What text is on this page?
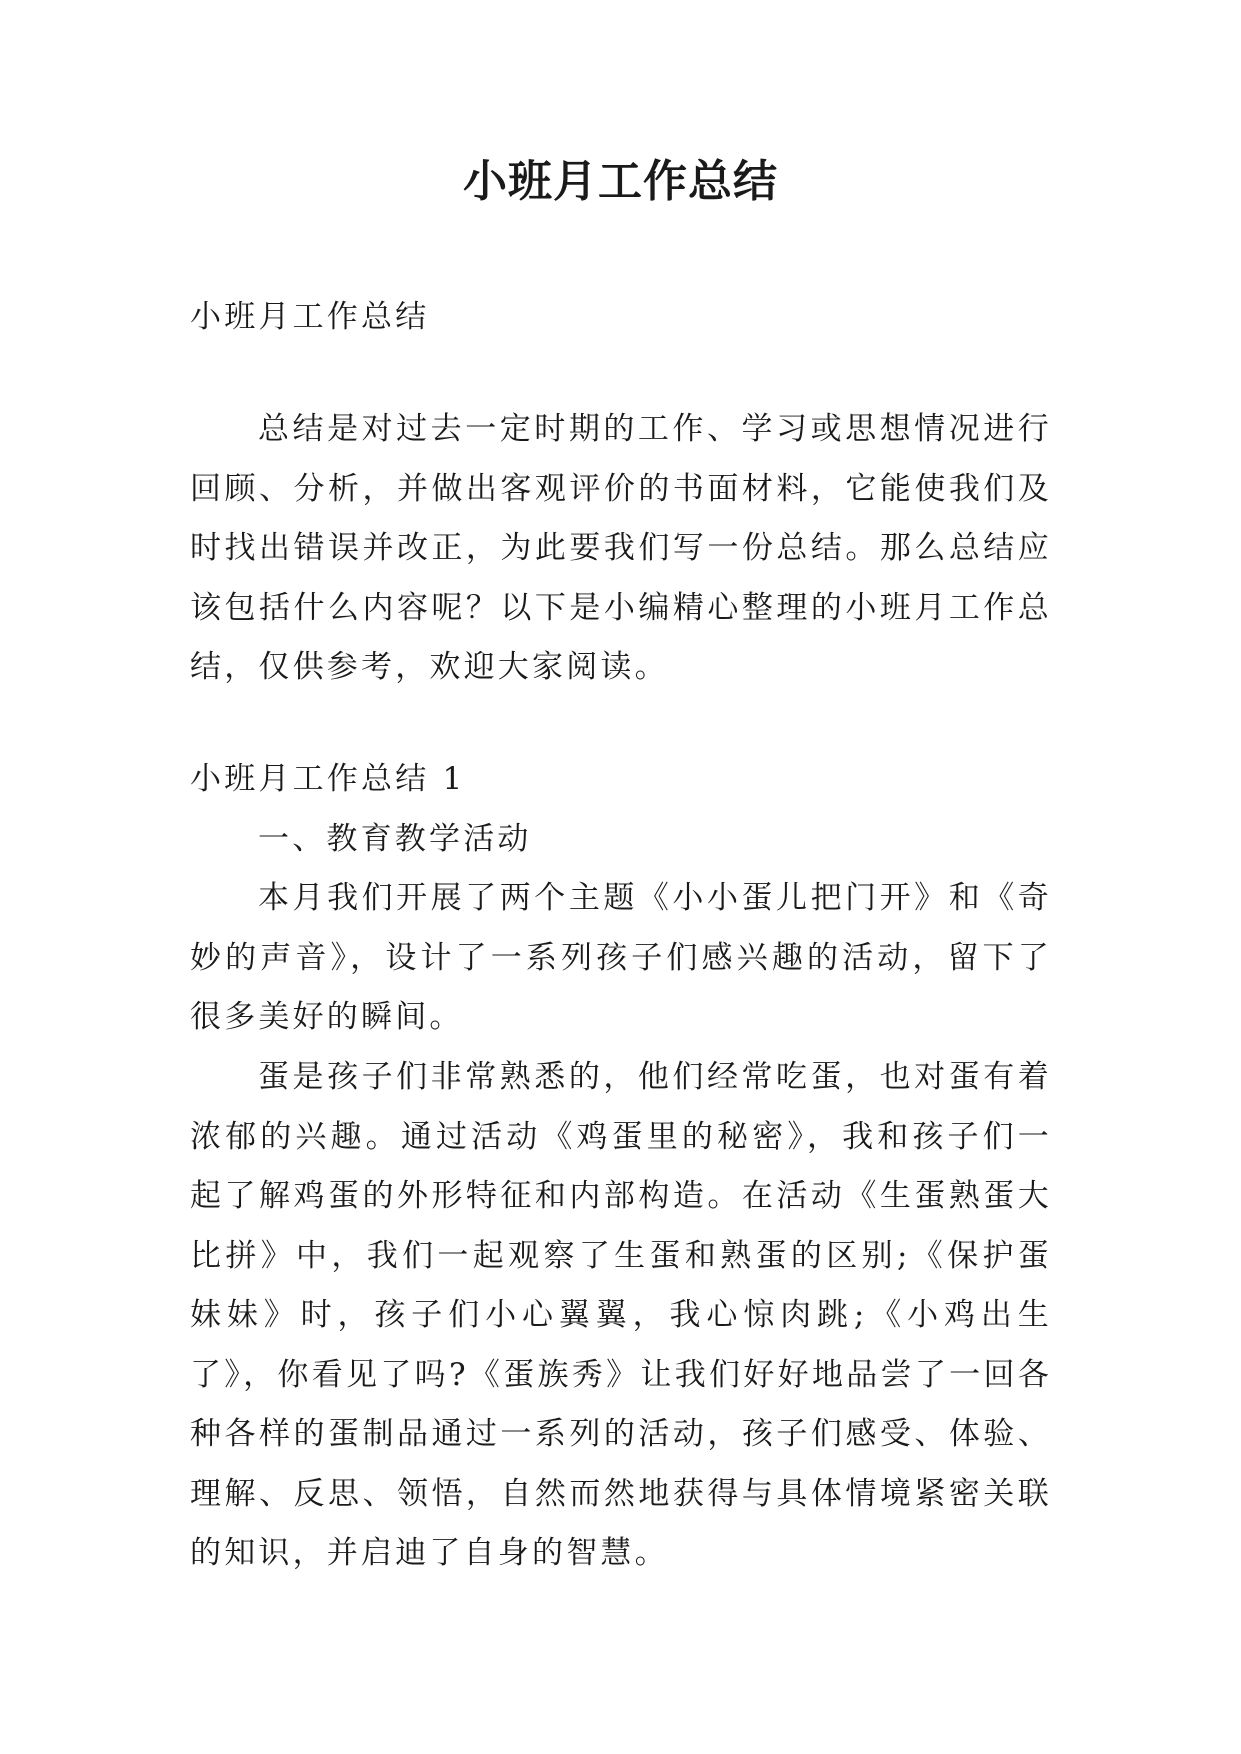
小班月工作总结

小班月工作总结

总结是对过去一定时期的工作、学习或思想情况进行回顾、分析，并做出客观评价的书面材料，它能使我们及时找出错误并改正，为此要我们写一份总结。那么总结应该包括什么内容呢？以下是小编精心整理的小班月工作总结，仅供参考，欢迎大家阅读。

小班月工作总结 1

一、教育教学活动

本月我们开展了两个主题《小小蛋儿把门开》和《奇妙的声音》，设计了一系列孩子们感兴趣的活动，留下了很多美好的瞬间。

蛋是孩子们非常熟悉的，他们经常吃蛋，也对蛋有着浓郁的兴趣。通过活动《鸡蛋里的秘密》，我和孩子们一起了解鸡蛋的外形特征和内部构造。在活动《生蛋熟蛋大比拼》中，我们一起观察了生蛋和熟蛋的区别;《保护蛋妹妹》时，孩子们小心翼翼，我心惊肉跳;《小鸡出生了》，你看见了吗?《蛋族秀》让我们好好地品尝了一回各种各样的蛋制品通过一系列的活动，孩子们感受、体验、理解、反思、领悟，自然而然地获得与具体情境紧密关联的知识，并启迪了自身的智慧。
